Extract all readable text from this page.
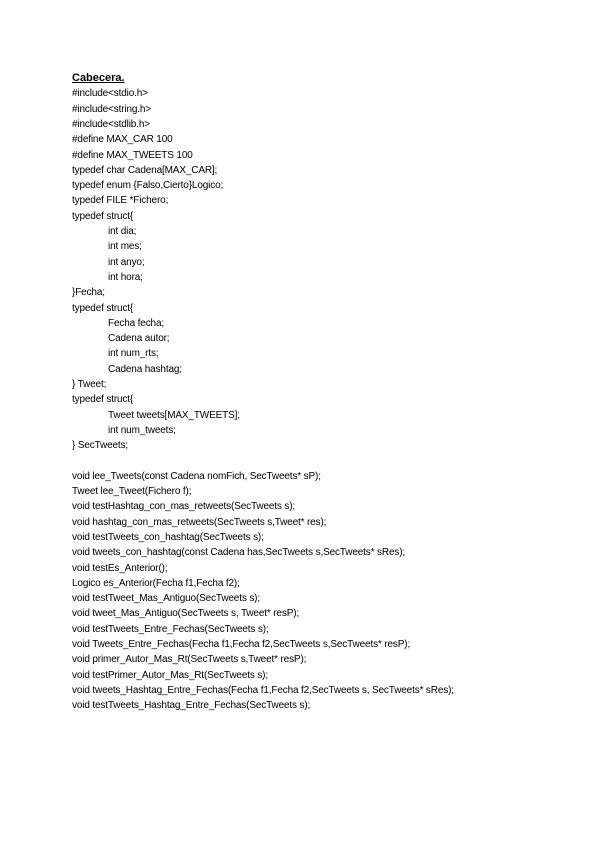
Cabecera.
#include<stdio.h>
#include<string.h>
#include<stdlib.h>
#define MAX_CAR 100
#define MAX_TWEETS 100
typedef char Cadena[MAX_CAR];
typedef enum {Falso,Cierto}Logico;
typedef FILE *Fichero;
typedef struct{
int dia;
int mes;
int anyo;
int hora;
}Fecha;
typedef struct{
Fecha fecha;
Cadena autor;
int num_rts;
Cadena hashtag;
} Tweet;
typedef struct{
Tweet tweets[MAX_TWEETS];
int num_tweets;
} SecTweets;
void lee_Tweets(const Cadena nomFich, SecTweets* sP);
Tweet lee_Tweet(Fichero f);
void testHashtag_con_mas_retweets(SecTweets s);
void hashtag_con_mas_retweets(SecTweets s,Tweet* res);
void testTweets_con_hashtag(SecTweets s);
void tweets_con_hashtag(const Cadena has,SecTweets s,SecTweets* sRes);
void testEs_Anterior();
Logico es_Anterior(Fecha f1,Fecha f2);
void testTweet_Mas_Antiguo(SecTweets s);
void tweet_Mas_Antiguo(SecTweets s, Tweet* resP);
void testTweets_Entre_Fechas(SecTweets s);
void Tweets_Entre_Fechas(Fecha f1,Fecha f2,SecTweets s,SecTweets* resP);
void primer_Autor_Mas_Rt(SecTweets s,Tweet* resP);
void testPrimer_Autor_Mas_Rt(SecTweets s);
void tweets_Hashtag_Entre_Fechas(Fecha f1,Fecha f2,SecTweets s, SecTweets* sRes);
void testTweets_Hashtag_Entre_Fechas(SecTweets s);
